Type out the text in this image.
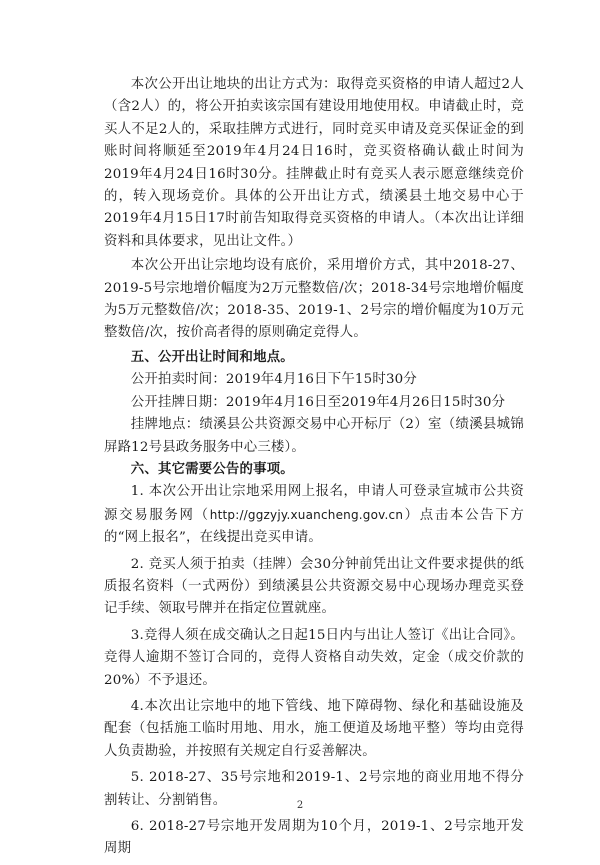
本次公开出让地块的出让方式为：取得竞买资格的申请人超过2人（含2人）的，将公开拍卖该宗国有建设用地使用权。申请截止时，竞买人不足2人的，采取挂牌方式进行，同时竞买申请及竞买保证金的到账时间将顺延至2019年4月24日16时，竞买资格确认截止时间为2019年4月24日16时30分。挂牌截止时有竞买人表示愿意继续竞价的，转入现场竞价。具体的公开出让方式，绩溪县土地交易中心于2019年4月15日17时前告知取得竞买资格的申请人。（本次出让详细资料和具体要求，见出让文件。）

本次公开出让宗地均设有底价，采用增价方式，其中2018-27、2019-5号宗地增价幅度为2万元整数倍/次；2018-34号宗地增价幅度为5万元整数倍/次；2018-35、2019-1、2号宗的增价幅度为10万元整数倍/次，按价高者得的原则确定竞得人。

五、公开出让时间和地点。

公开拍卖时间：2019年4月16日下午15时30分

公开挂牌日期：2019年4月16日至2019年4月26日15时30分

挂牌地点：绩溪县公共资源交易中心开标厅（2）室（绩溪县城锦屏路12号县政务服务中心三楼）。

六、其它需要公告的事项。

1. 本次公开出让宗地采用网上报名，申请人可登录宣城市公共资源交易服务网（http://ggzyjy.xuancheng.gov.cn）点击本公告下方的“网上报名”，在线提出竞买申请。

2. 竞买人须于拍卖（挂牌）会30分钟前凭出让文件要求提供的纸质报名资料（一式两份）到绩溪县公共资源交易中心现场办理竞买登记手续、领取号牌并在指定位置就座。

3.竞得人须在成交确认之日起15日内与出让人签订《出让合同》。竞得人逾期不签订合同的，竞得人资格自动失效，定金（成交价款的20%）不予退还。

4.本次出让宗地中的地下管线、地下障碍物、绿化和基础设施及配套（包括施工临时用地、用水，施工便道及场地平整）等均由竞得人负责勘验，并按照有关规定自行妥善解决。

5. 2018-27、35号宗地和2019-1、2号宗地的商业用地不得分割转让、分割销售。

6. 2018-27号宗地开发周期为10个月，2019-1、2号宗地开发周期

2
